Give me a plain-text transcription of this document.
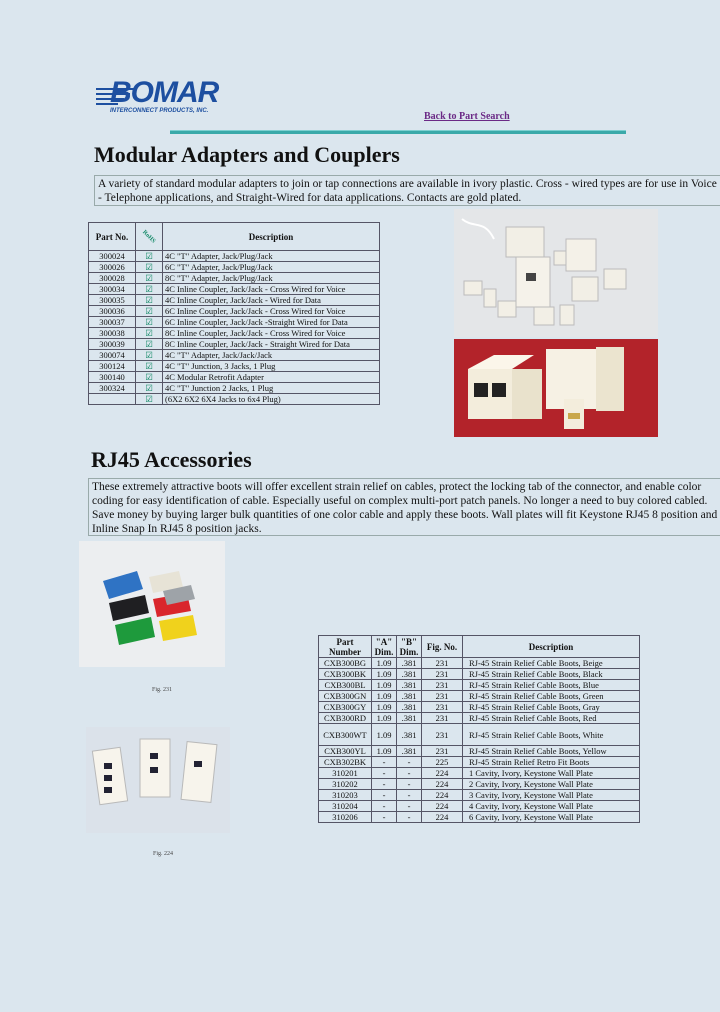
BOMAR
INTERCONNECT PRODUCTS, INC.	Back to Part Search
Modular Adapters and Couplers
A variety of standard modular adapters to join or tap connections are available in ivory plastic. Cross - wired types are for use in Voice - Telephone applications, and Straight-Wired for data applications. Contacts are gold plated.
Part No.	RoHS	Description
300024	☑	4C "T" Adapter, Jack/Plug/Jack
300026	☑	6C "T" Adapter, Jack/Plug/Jack
300028	☑	8C "T" Adapter, Jack/Plug/Jack
300034	☑	4C Inline Coupler, Jack/Jack - Cross Wired for Voice
300035	☑	4C Inline Coupler, Jack/Jack - Wired for Data
300036	☑	6C Inline Coupler, Jack/Jack - Cross Wired for Voice
300037	☑	6C Inline Coupler, Jack/Jack -Straight Wired for Data
300038	☑	8C Inline Coupler, Jack/Jack - Cross Wired for Voice
300039	☑	8C Inline Coupler, Jack/Jack - Straight Wired for Data
300074	☑	4C "T" Adapter, Jack/Jack/Jack
300124	☑	4C "T" Junction, 3 Jacks, 1 Plug
300140	☑	4C Modular Retrofit Adapter
300324	☑	4C "T" Junction 2 Jacks, 1 Plug
	☑	(6X2 6X2 6X4 Jacks to 6x4 Plug)
RJ45 Accessories
These extremely attractive boots will offer excellent strain relief on cables, protect the locking tab of the connector, and enable color coding for easy identification of cable. Especially useful on complex multi-port patch panels. No longer a need to buy colored cabled. Save money by buying larger bulk quantities of one color cable and apply these boots. Wall plates will fit Keystone RJ45 8 position and Inline Snap In RJ45 8 position jacks.
Fig. 231
Fig. 224
Part Number	"A" Dim.	"B" Dim.	Fig. No.	Description
CXB300BG	1.09	.381	231	RJ-45 Strain Relief Cable Boots, Beige
CXB300BK	1.09	.381	231	RJ-45 Strain Relief Cable Boots, Black
CXB300BL	1.09	.381	231	RJ-45 Strain Relief Cable Boots, Blue
CXB300GN	1.09	.381	231	RJ-45 Strain Relief Cable Boots, Green
CXB300GY	1.09	.381	231	RJ-45 Strain Relief Cable Boots, Gray
CXB300RD	1.09	.381	231	RJ-45 Strain Relief Cable Boots, Red
CXB300WT	1.09	.381	231	RJ-45 Strain Relief Cable Boots, White
CXB300YL	1.09	.381	231	RJ-45 Strain Relief Cable Boots, Yellow
CXB302BK	-	-	225	RJ-45 Strain Relief Retro Fit Boots
310201	-	-	224	1 Cavity, Ivory, Keystone Wall Plate
310202	-	-	224	2 Cavity, Ivory, Keystone Wall Plate
310203	-	-	224	3 Cavity, Ivory, Keystone Wall Plate
310204	-	-	224	4 Cavity, Ivory, Keystone Wall Plate
310206	-	-	224	6 Cavity, Ivory, Keystone Wall Plate
